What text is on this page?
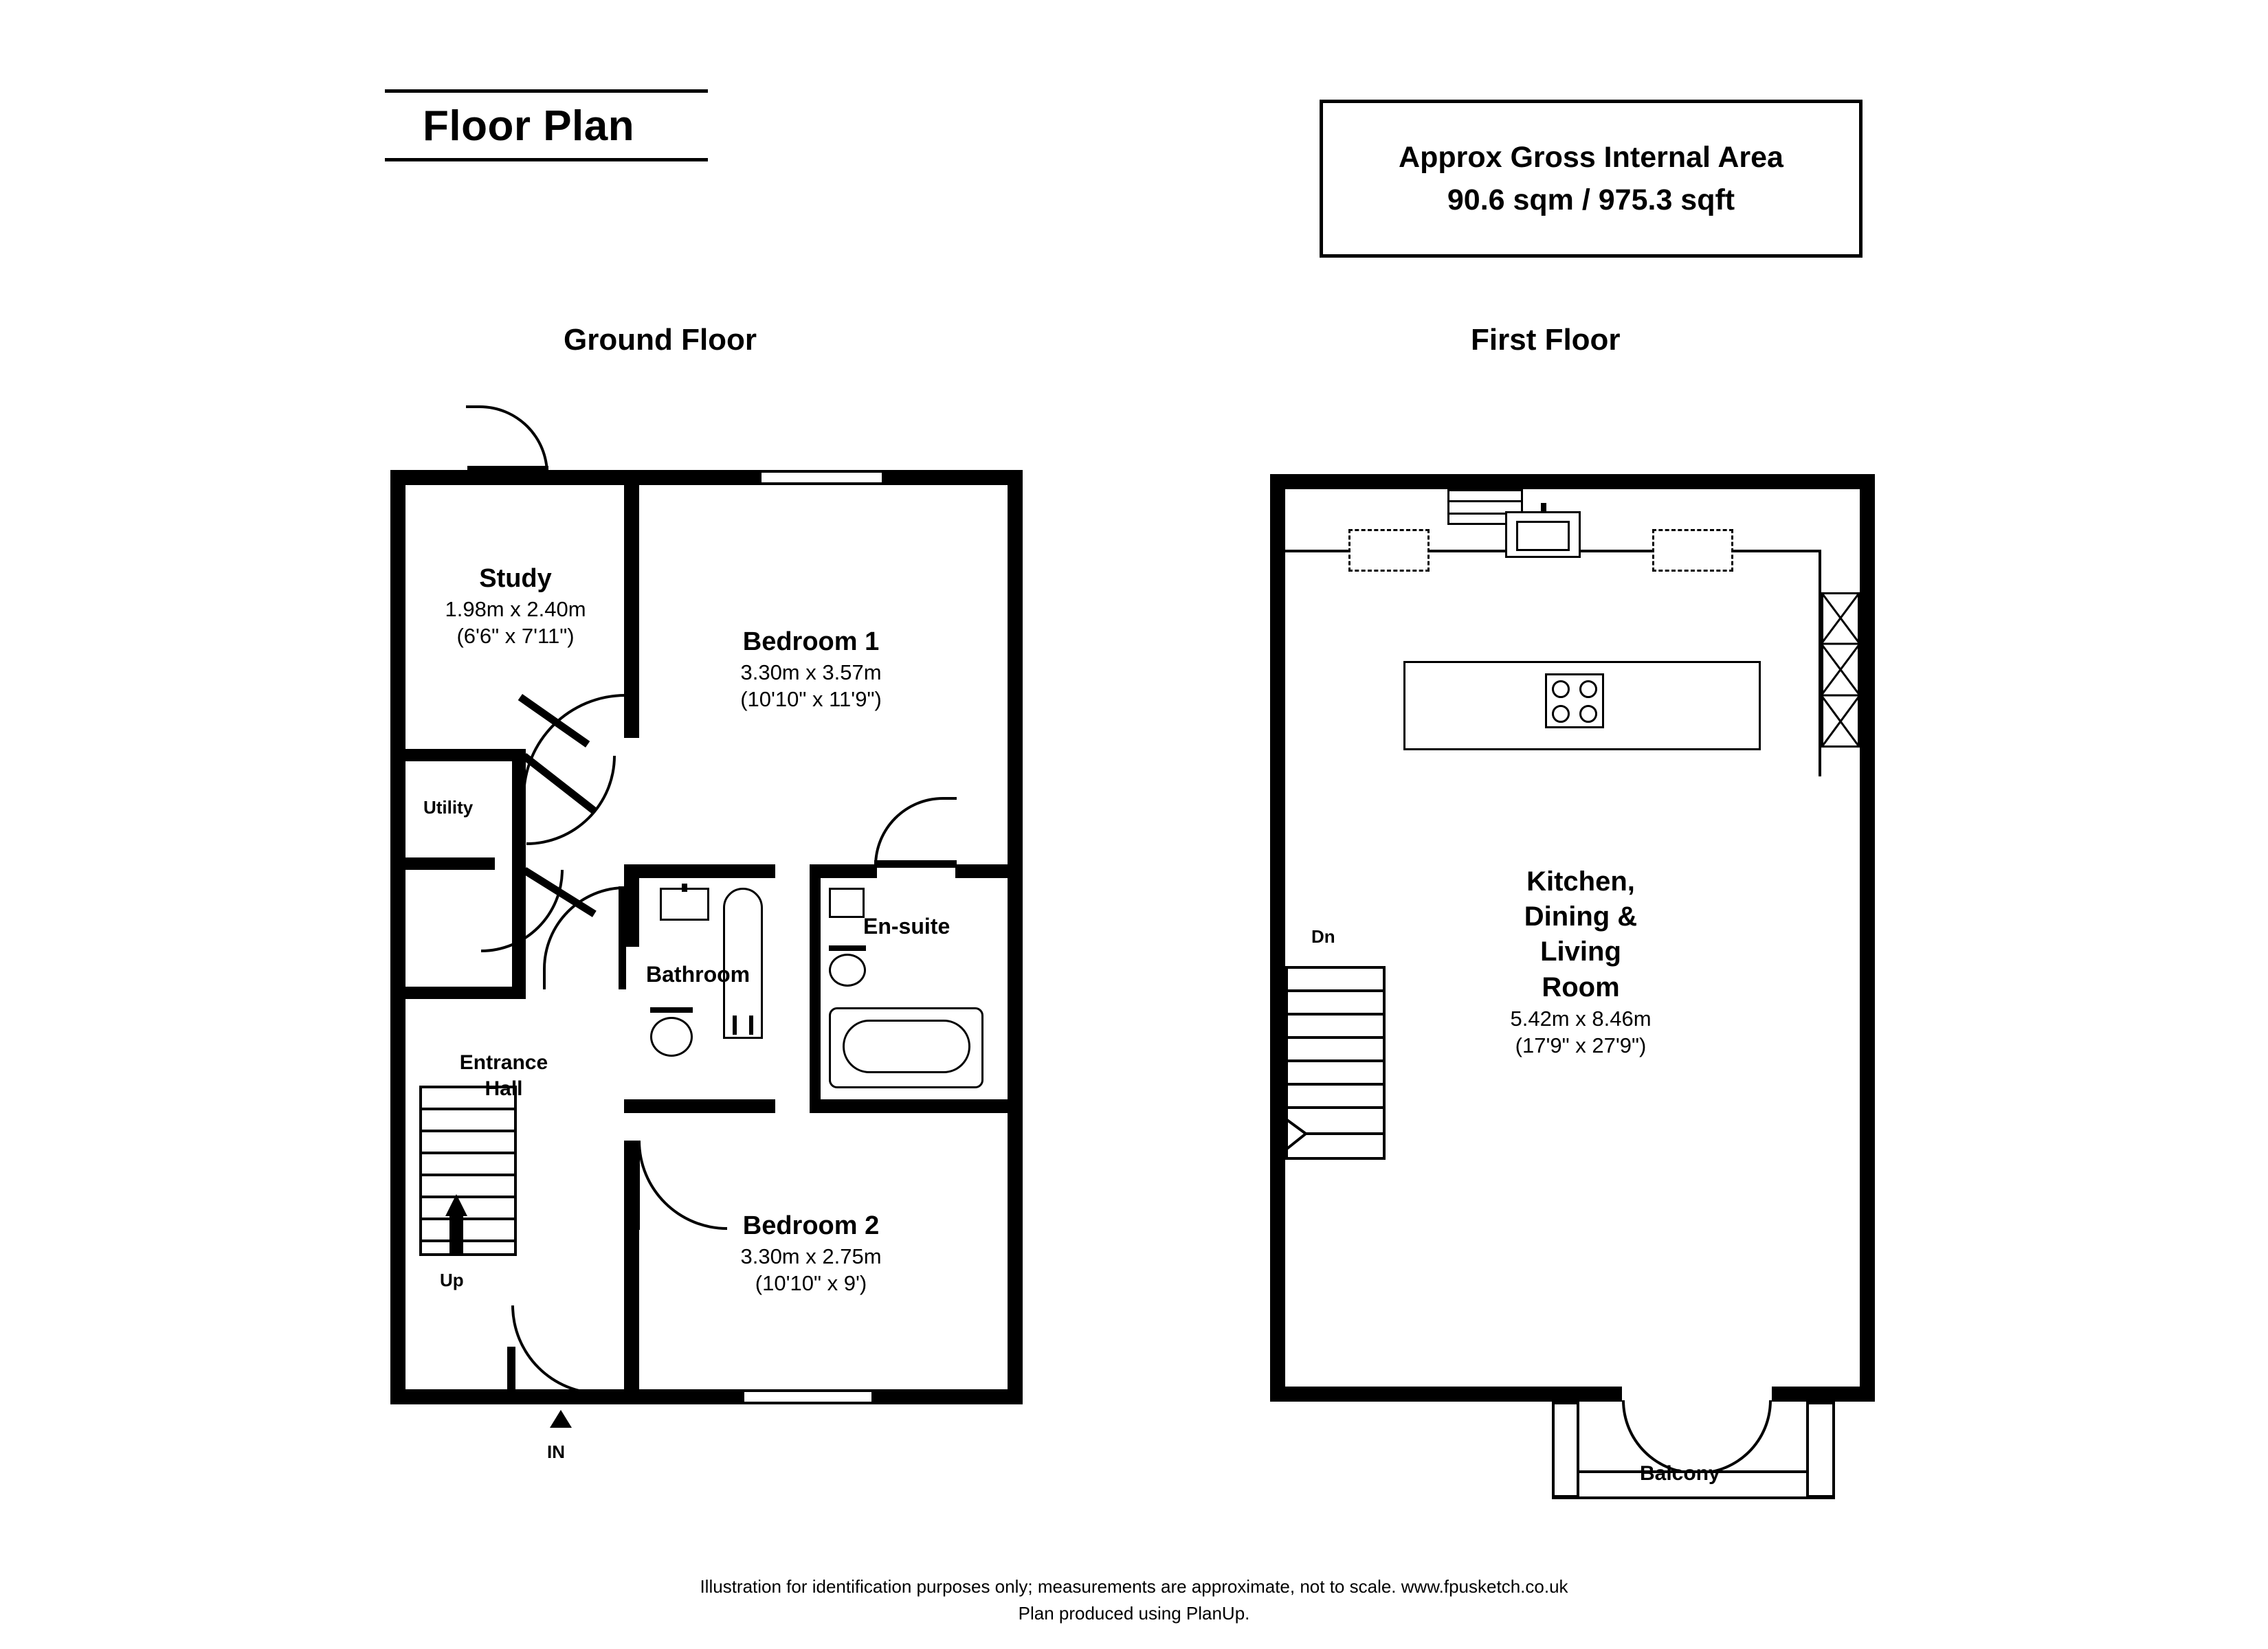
Floor Plan
Approx Gross Internal Area
90.6 sqm / 975.3 sqft
Ground Floor	First Floor
IN
Up
Study
1.98m x 2.40m
(6'6" x 7'11")	Bedroom 1
3.30m x 3.57m
(10'10" x 11'9")
Bedroom 2
3.30m x 2.75m
(10'10" x 9')
Utility
Bathroom
En-suite
Entrance
Hall
Balcony
Dn
Kitchen,
Dining &
Living
Room
5.42m x 8.46m
(17'9" x 27'9")
Illustration for identification purposes only; measurements are approximate, not to scale. www.fpusketch.co.uk
Plan produced using PlanUp.
